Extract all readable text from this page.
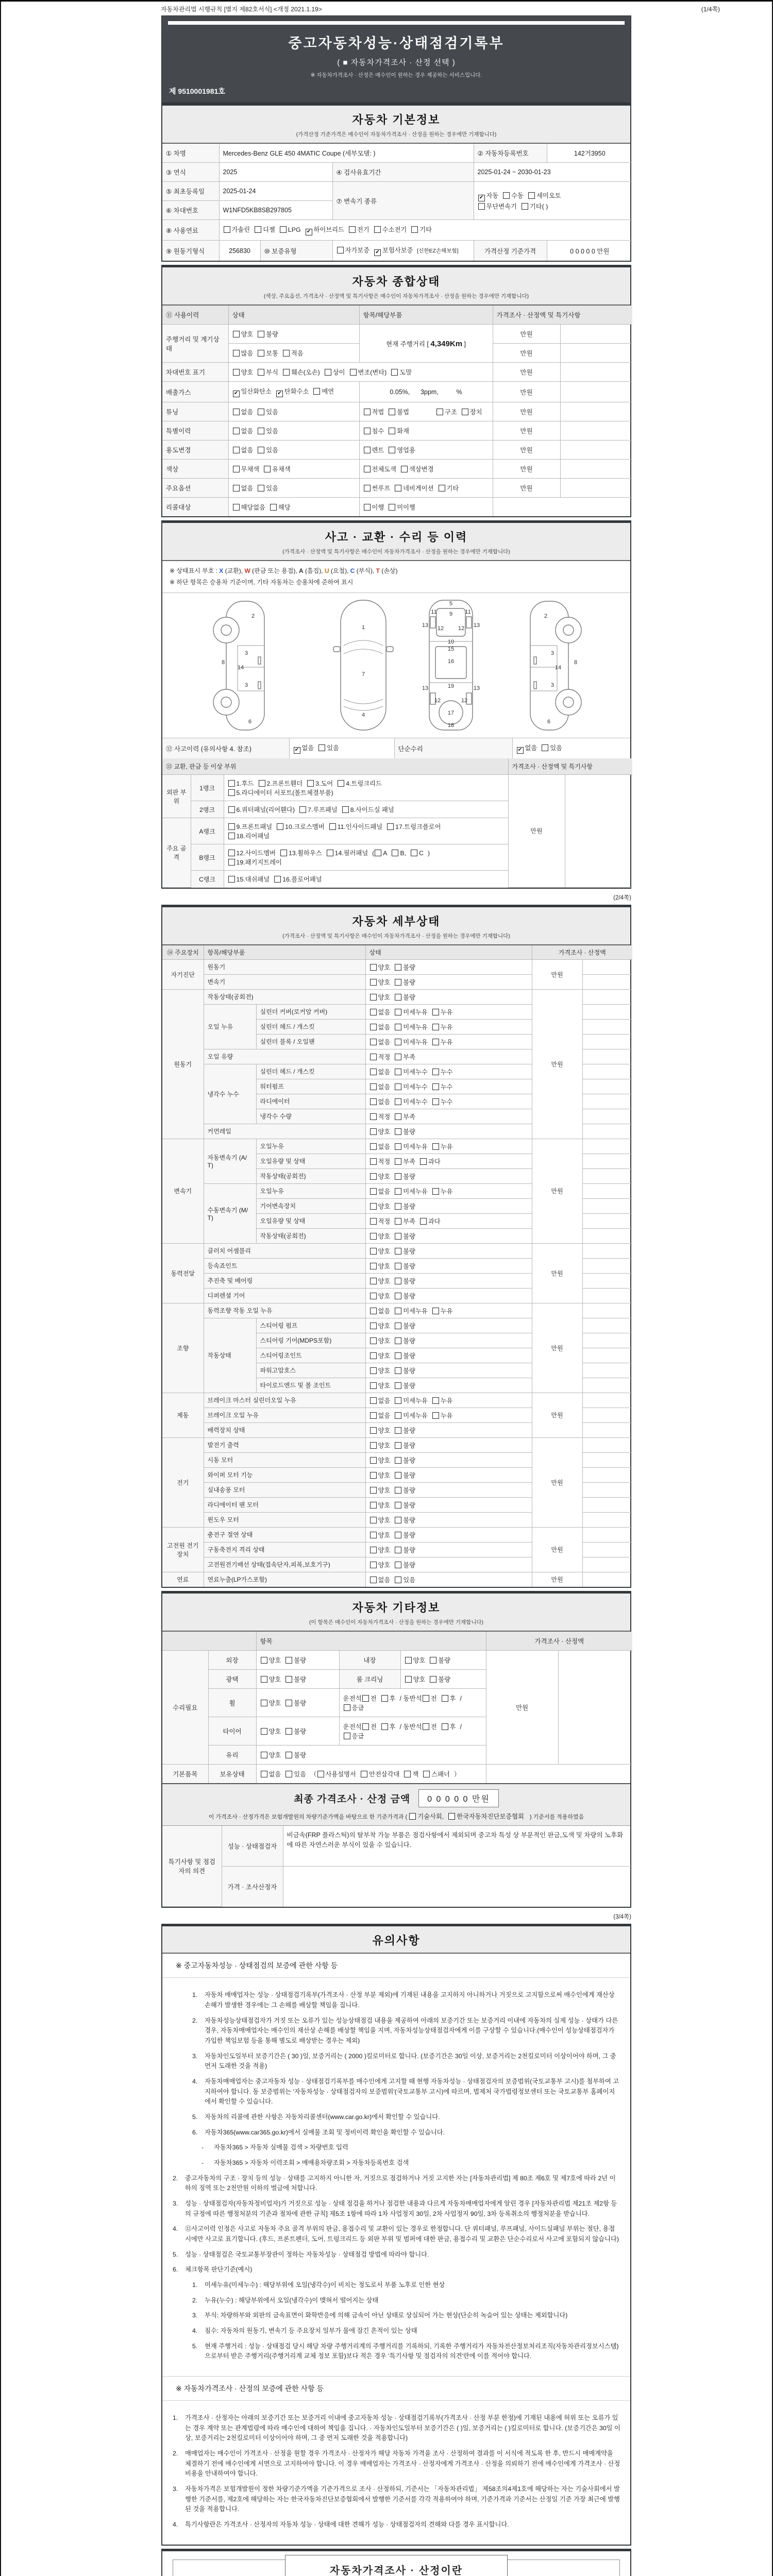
자동차관리법 시행규칙 [별지 제82호서식] <개정 2021.1.19>	(1/4쪽)
중고자동차성능·상태점검기록부
( ■ 자동차가격조사 · 산정 선택 )
※ 자동차가격조사 · 산정은 매수인이 원하는 경우 제공하는 서비스입니다.
제 9510001981호
자동차 기본정보
(가격산정 기준가격은 매수인이 자동차가격조사 · 산정을 원하는 경우에만 기재합니다)
① 차명	Mercedes-Benz GLE 450 4MATIC Coupe (세부모델: )			② 자동차등록번호	142거3950
③ 연식	2025		④ 검사유효기간	2025-01-24 ~ 2030-01-23	
⑤ 최초등록일	2025-01-24		⑦ 변속기 종류	✔ 자동 수동 세미오토
무단변속기 기타( )	
⑥ 차대번호	W1NFD5KB8SB297805				
⑧ 사용연료	가솔린 디젤 LPG ✔ 하이브리드 전기 수소전기 기타				
⑨ 원동기형식	256830	⑩ 보증유형	자가보증 ✔ 보험사보증 [신한EZ손해보험]	가격산정 기준가격	0 0 0 0 0 만원
자동차 종합상태
(색상, 주요옵션, 가격조사 · 산정액 및 특기사항은 매수인이 자동차가격조사 · 산정을 원하는 경우에만 기재합니다)
⑪ 사용이력	상태	항목/해당부품	가격조사 · 산정액 및 특기사항	
주행거리 및 계기상태	양호 불량	현재 주행거리 [ 4,349Km ]	만원	
	많음 보통 적음		만원	
차대번호 표기	양호 부식 훼손(오손) 상이 변조(변타) 도말		만원	
배출가스	✔ 일산화탄소 ✔ 탄화수소 매연	0.05%,      3ppm,          %	만원	
튜닝	없음 있음	적법 불법 구조 장치	만원	
특별이력	없음 있음	침수 화재	만원	
용도변경	없음 있음	렌트 영업용	만원	
색상	무채색 유채색	전체도색 색상변경	만원	
주요옵션	없음 있음	썬루프 네비게이션 기타	만원	
리콜대상	해당없음 해당	이행 미이행		
사고 · 교환 · 수리 등 이력
(가격조사 · 산정액 및 특기사항은 매수인이 자동차가격조사 · 산정을 원하는 경우에만 기재합니다)
※ 상태표시 부호 : X (교환), W (판금 또는 용접), A (흠집), U (요철), C (부식), T (손상)
※ 하단 항목은 승용차 기준이며, 기타 자동차는 승용차에 준하여 표시
2
8
3
14
3
6
1
7
4
5
11 9 11
13 12	12 13
10
15
16
13	19	13
12
17
12
18
2
3
8
14
3
6
⑫ 사고이력 (유의사항 4. 참조)	✔ 없음 있음	단순수리	✔ 없음 있음
⑬ 교환, 판금 등 이상 부위			가격조사 · 산정액 및 특기사항	
외판 부위	1랭크	1.후드 2.프론트휀더 3.도어 4.트렁크리드
5.라디에이터 서포트(볼트체결부품)	만원	
	2랭크	6.쿼터패널(리어휀다) 7.루프패널 8.사이드실 패널		
주요 골격	A랭크	9.프론트패널 10.크로스멤버 11.인사이드패널 17.트렁크플로어
18.리어패널		
	B랭크	12.사이드멤버 13.휠하우스 14.필러패널 ( A B, C )
19.패키지트레이		
	C랭크	15.대쉬패널 16.플로어패널		
(2/4쪽)
자동차 세부상태
(가격조사 · 산정액 및 특기사항은 매수인이 자동차가격조사 · 산정을 원하는 경우에만 기재합니다)
⑭ 주요장치	항목/해당부품		상태	가격조사 · 산정액	
자기진단	원동기		양호 불량	만원	
	변속기		양호 불량		
원동기	작동상태(공회전)		양호 불량	만원	
	오일 누유	실린더 커버(로커암 커버)	없음 미세누유 누유		
		실린더 헤드 / 개스킷	없음 미세누유 누유		
		실린더 블록 / 오일팬	없음 미세누유 누유		
	오일 유량		적정 부족		
	냉각수 누수	실린더 헤드 / 개스킷	없음 미세누수 누수		
		워터펌프	없음 미세누수 누수		
		라디에이터	없음 미세누수 누수		
		냉각수 수량	적정 부족		
	커먼레일		양호 불량		
변속기	자동변속기 (A/T)	오일누유	없음 미세누유 누유	만원	
		오일유량 및 상태	적정 부족 과다		
		작동상태(공회전)	양호 불량		
	수동변속기 (M/T)	오일누유	없음 미세누유 누유		
		기어변속장치	양호 불량		
		오일유량 및 상태	적정 부족 과다		
		작동상태(공회전)	양호 불량		
동력전달	클러치 어셈블리		양호 불량	만원	
	등속죠인트		양호 불량		
	추진축 및 베어링		양호 불량		
	디퍼렌셜 기어		양호 불량		
조향	동력조향 작동 오일 누유		없음 미세누유 누유	만원	
	작동상태	스티어링 펌프	양호 불량		
		스티어링 기어(MDPS포함)	양호 불량		
		스티어링조인트	양호 불량		
		파워고압호스	양호 불량		
		타이로드엔드 및 볼 조인트	양호 불량		
제동	브레이크 마스터 실린더오일 누유		없음 미세누유 누유	만원	
	브레이크 오일 누유		없음 미세누유 누유		
	배력장치 상태		양호 불량		
전기	발전기 출력		양호 불량	만원	
	시동 모터		양호 불량		
	와이퍼 모터 기능		양호 불량		
	실내송풍 모터		양호 불량		
	라디에이터 팬 모터		양호 불량		
	윈도우 모터		양호 불량		
고전원 전기장치	충전구 절연 상태		양호 불량	만원	
	구동축전지 격리 상태		양호 불량		
	고전원전기배선 상태(접속단자,피복,보호기구)		양호 불량		
연료	연료누출(LP가스포함)		없음 있음	만원	
자동차 기타정보
(이 항목은 매수인이 자동차가격조사 · 산정을 원하는 경우에만 기재합니다)
		항목			가격조사 · 산정액	
수리필요	외장	양호 불량	내장	양호 불량	만원	
	광택	양호 불량	룸 크리닝	양호 불량		
	휠	양호 불량	운전석 전 후 / 동반석 전 후 /응급			
	타이어	양호 불량	운전석 전 후 / 동반석 전 후 /응급			
	유리	양호 불량				
기본품목	보유상태	없음 있음 （ 사용설명서 안전삼각대 잭 스패너 ）				
최종 가격조사 · 산정 금액	0 0 0 0 0 만원
이 가격조사 · 산정가격은 보험개발원의 차량기준가액을 바탕으로 한 기준가격과 ( 기술사회, 한국자동차진단보증협회 ) 기준서를 적용하였음
특기사항 및 점검자의 의견	성능 · 상태점검자	비금속(FRP 플라스틱)의 탈부착 가능 부품은 점검사항에서 제외되며 중고차 특성 상 부분적인 판금,도색 및 차량의 노후화에 따른 자연스러운 부식이 있을 수 있습니다.
	가격 · 조사산정자	
(3/4쪽)
유의사항
※ 중고자동차성능 · 상태점검의 보증에 관한 사항 등
1.	자동차 매매업자는 성능 · 상태점검기록부(가격조사 · 산정 부분 제외)에 기재된 내용을 고지하지 아니하거나 거짓으로 고지함으로써 매수인에게 재산상 손해가 발생한 경우에는 그 손해를 배상할 책임을 집니다.
2.	자동차성능상태점검자가 거짓 또는 오류가 있는 성능상태점검 내용을 제공하여 아래의 보증기간 또는 보증거리 이내에 자동차의 실제 성능 · 상태가 다른 경우, 자동차매매업자는 매수인의 재산상 손해를 배상할 책임을 지며, 자동차성능상태점검자에게 이를 구상할 수 있습니다.(매수인이 성능상태점검자가 가입한 책임보험 등을 통해 별도로 배상받는 경우는 제외)
3.	자동차인도일부터 보증기간은 ( 30 )일, 보증거리는 ( 2000 )킬로미터로 합니다. (보증기간은 30일 이상, 보증거리는 2천킬로미터 이상이어야 하며, 그 중 먼저 도래한 것을 적용)
4.	자동차매매업자는 중고자동차 성능 · 상태점검기록부를 매수인에게 고지할 때 현행 자동차성능 · 상태점검자의 보증범위(국토교통부 고시)를 첨부하여 고지하여야 합니다. 동 보증범위는 '자동차성능 · 상태점검자의 보증범위'(국토교통부 고시)에 따르며, 법제처 국가법령정보센터 또는 국토교통부 홈페이지에서 확인할 수 있습니다.
5.	자동차의 리콜에 관한 사항은 자동차리콜센터(www.car.go.kr)에서 확인할 수 있습니다.
6.	자동차365(www.car365.go.kr)에서 실매물 조회 및 정비이력 확인을 확인할 수 있습니다.
-	자동차365 > 자동차 실매물 검색 > 차량번호 입력
-	자동차365 > 자동차 이력조회 > 매매용차량조회 > 자동차등록번호 검색
2.	중고자동차의 구조 · 장치 등의 성능 · 상태를 고지하지 아니한 자, 거짓으로 점검하거나 거짓 고지한 자는 [자동차관리법] 제 80조 제6호 및 제7호에 따라 2년 이하의 징역 또는 2천만원 이하의 벌금에 처합니다.
3.	성능 · 상태점검자(자동차정비업자)가 거짓으로 성능 · 상태 점검을 하거나 점검한 내용과 다르게 자동차매매업자에게 알린 경우 [자동차관리법 제21조 제2항 등의 규정에 따른 행정처분의 기준과 절차에 관한 규칙] 제5조 1항에 따라 1차 사업정지 30일, 2차 사업정지 90일, 3차 등록취소의 행정처분을 받습니다.
4.	⑫사고이력 인정은 사고로 자동차 주요 골격 부위의 판금, 용접수리 및 교환이 있는 경우로 한정합니다. 단 쿼터패널, 루프패널, 사이드실패널 부위는 절단, 용접 시에만 사고로 표기합니다. (후드, 프론트펜더, 도어, 트렁크리드 등 외판 부위 및 범퍼에 대한 판금, 용접수리 및 교환은 단순수리로서 사고에 포함되지 않습니다)
5.	성능 · 상태점검은 국토교통부장관이 정하는 자동차성능 · 상태점검 방법에 따라야 합니다.
6.	체크항목 판단기준(예시)
1.	미세누유(미세누수) : 해당부위에 오일(냉각수)이 비치는 정도로서 부품 노후로 인한 현상
2.	누유(누수) : 해당부위에서 오일(냉각수)이 맺혀서 떨어지는 상태
3.	부식: 차량하부와 외판의 금속표면이 화학반응에 의해 금속이 아닌 상태로 상실되어 가는 현상(단순히 녹슬어 있는 상태는 제외합니다)
4.	침수: 자동차의 원동기, 변속기 등 주요장치 일부가 물에 잠긴 흔적이 있는 상태
5.	현재 주행거리 : 성능 · 상태점검 당시 해당 차량 주행거리계의 주행거리를 기록하되, 기록한 주행거리가 자동차전산정보처리조직(자동차관리정보시스템)으로부터 받은 주행거리(주행거리계 교체 정보 포함)보다 적은 경우 '특기사항 및 점검자의 의견'란에 이를 적어야 합니다.
※ 자동차가격조사 · 산정의 보증에 관한 사항 등
1.	가격조사 · 산정자는 아래의 보증기간 또는 보증거리 이내에 중고자동차 성능 · 상태점검기록부(가격조사 · 산정 부분 한정)에 기재된 내용에 허위 또는 오류가 있는 경우 계약 또는 관계법령에 따라 매수인에 대하여 책임을 집니다. · 자동차인도일부터 보증기간은 ( )일, 보증거리는 ( )킬로미터로 합니다. (보증기간은 30일 이상, 보증거리는 2천킬로미터 이상이어야 하며, 그 중 먼저 도래한 것을 적용합니다)
2.	매매업자는 매수인이 가격조사 · 산정을 원할 경우 가격조사 · 산정자가 해당 자동차 가격을 조사 · 산정하여 결과를 이 서식에 적도록 한 후, 반드시 매매계약을 체결하기 전에 매수인에게 서면으로 고지하여야 합니다. 이 경우 매매업자는 가격조사 · 산정자에게 가격조사 · 산정을 의뢰하기 전에 매수인에게 가격조사 · 산정 비용을 안내하여야 합니다.
3.	자동차가격은 보험개발원이 정한 차량기준가액을 기준가격으로 조사 · 산정하되, 기준서는 「자동차관리법」 제58조의4제1호에 해당하는 자는 기술사회에서 발행한 기준서를, 제2호에 해당하는 자는 한국자동차진단보증협회에서 발행한 기준서를 각각 적용하여야 하며, 기준가격과 기준서는 산정일 기준 가장 최근에 발행된 것을 적용합니다.
4.	특기사항란은 가격조사 · 산정자의 자동차 성능 · 상태에 대한 견해가 성능 · 상태점검자의 견해와 다를 경우 표시합니다.
자동차가격조사 · 산정이란
